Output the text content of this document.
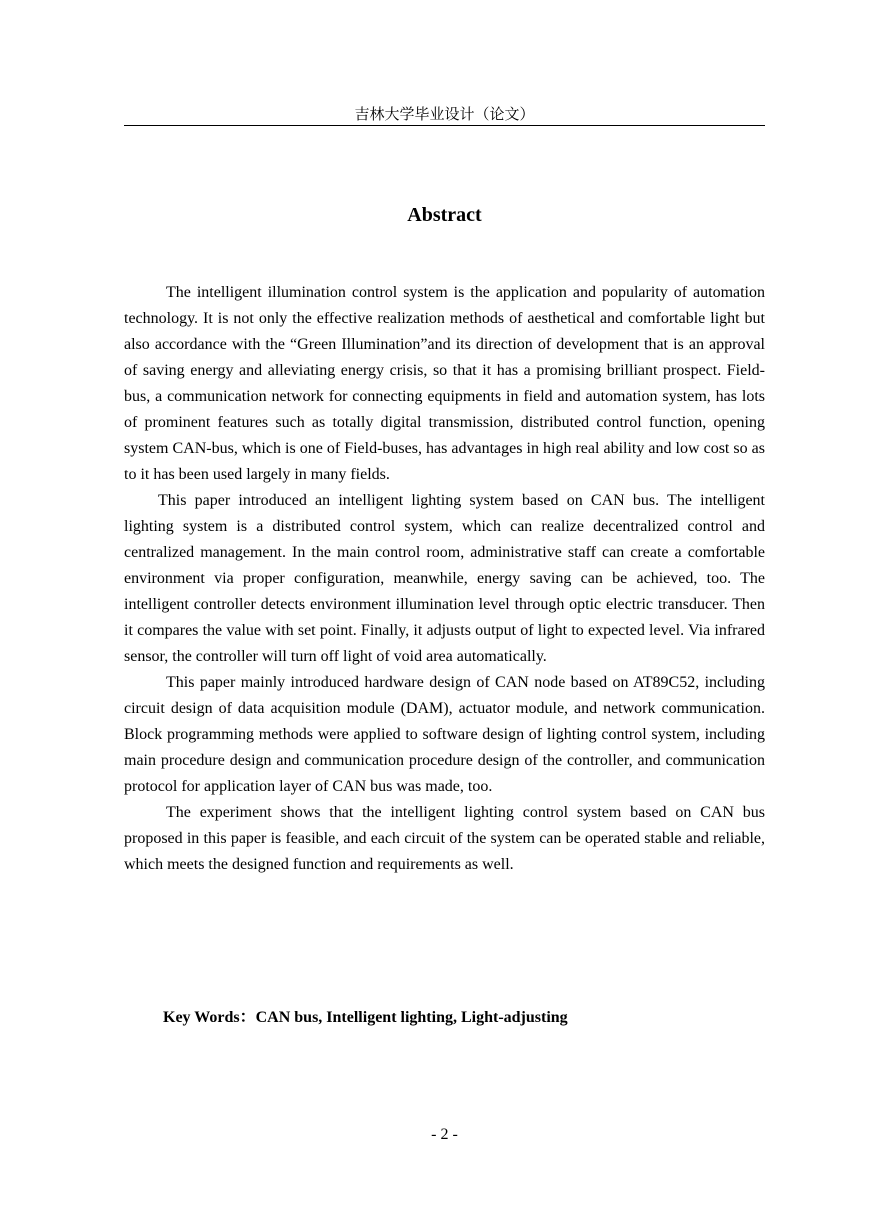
吉林大学毕业设计（论文）
Abstract

The intelligent illumination control system is the application and popularity of automation technology. It is not only the effective realization methods of aesthetical and comfortable light but also accordance with the “Green Illumination”and its direction of development that is an approval of saving energy and alleviating energy crisis, so that it has a promising brilliant prospect. Field-bus, a communication network for connecting equipments in field and automation system, has lots of prominent features such as totally digital transmission, distributed control function, opening system CAN-bus, which is one of Field-buses, has advantages in high real ability and low cost so as to it has been used largely in many fields.

This paper introduced an intelligent lighting system based on CAN bus. The intelligent lighting system is a distributed control system, which can realize decentralized control and centralized management. In the main control room, administrative staff can create a comfortable environment via proper configuration, meanwhile, energy saving can be achieved, too. The intelligent controller detects environment illumination level through optic electric transducer. Then it compares the value with set point. Finally, it adjusts output of light to expected level. Via infrared sensor, the controller will turn off light of void area automatically.

This paper mainly introduced hardware design of CAN node based on AT89C52, including circuit design of data acquisition module (DAM), actuator module, and network communication. Block programming methods were applied to software design of lighting control system, including main procedure design and communication procedure design of the controller, and communication protocol for application layer of CAN bus was made, too.

The experiment shows that the intelligent lighting control system based on CAN bus proposed in this paper is feasible, and each circuit of the system can be operated stable and reliable, which meets the designed function and requirements as well.

Key Words：CAN bus, Intelligent lighting, Light-adjusting
- 2 -
